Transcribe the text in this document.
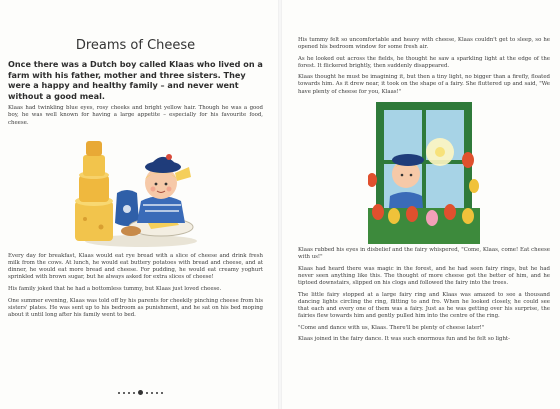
Dreams of Cheese

Once there was a Dutch boy called Klaas who lived on a farm with his father, mother and three sisters. They were a happy and healthy family – and never went without a good meal.

Klaas had twinkling blue eyes, rosy cheeks and bright yellow hair. Though he was a good boy, he was well known for having a large appetite – especially for his favourite food, cheese.

Every day for breakfast, Klaas would eat rye bread with a slice of cheese and drink fresh milk from the cows. At lunch, he would eat buttery potatoes with bread and cheese, and at dinner, he would eat more bread and cheese. For pudding, he would eat creamy yoghurt sprinkled with brown sugar, but he always asked for extra slices of cheese!

His family joked that he had a bottomless tummy, but Klaas just loved cheese.

One summer evening, Klaas was told off by his parents for cheekily pinching cheese from his sisters' plates. He was sent up to his bedroom as punishment, and he sat on his bed moping about it until long after his family went to bed.

His tummy felt so uncomfortable and heavy with cheese, Klaas couldn't get to sleep, so he opened his bedroom window for some fresh air.

As he looked out across the fields, he thought he saw a sparkling light at the edge of the forest. It flickered brightly, then suddenly disappeared.

Klaas thought he must be imagining it, but then a tiny light, no bigger than a firefly, floated towards him. As it drew near, it took on the shape of a fairy. She fluttered up and said, "We have plenty of cheese for you, Klaas!"

Klaas rubbed his eyes in disbelief and the fairy whispered, "Come, Klaas, come! Eat cheese with us!"

Klaas had heard there was magic in the forest, and he had seen fairy rings, but he had never seen anything like this. The thought of more cheese got the better of him, and he tiptoed downstairs, slipped on his clogs and followed the fairy into the trees.

The little fairy stopped at a large fairy ring and Klaas was amazed to see a thousand dancing lights circling the ring, flitting to and fro. When he looked closely, he could see that each and every one of them was a fairy. Just as he was getting over his surprise, the fairies flew towards him and gently pulled him into the centre of the ring.

"Come and dance with us, Klaas. There'll be plenty of cheese later!"

Klaas joined in the fairy dance. It was such enormous fun and he felt so light-
